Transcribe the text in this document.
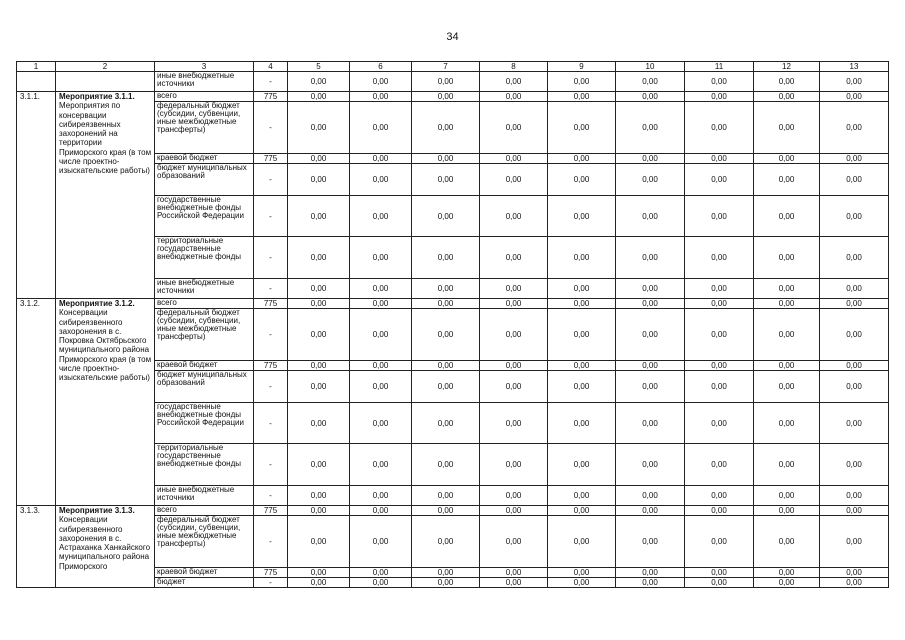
34
1	2	3	4	5	6	7	8	9	10	11	12	13
		иные внебюджетные источники	-	0,00	0,00	0,00	0,00	0,00	0,00	0,00	0,00	0,00
3.1.1.	Мероприятие 3.1.1. Мероприятия по консервации сибиреязвенных захоронений на территории Приморского края (в том числе проектно-изыскательские работы)	всего	775	0,00	0,00	0,00	0,00	0,00	0,00	0,00	0,00	0,00
		федеральный бюджет (субсидии, субвенции, иные межбюджетные трансферты)	-	0,00	0,00	0,00	0,00	0,00	0,00	0,00	0,00	0,00
		краевой бюджет	775	0,00	0,00	0,00	0,00	0,00	0,00	0,00	0,00	0,00
		бюджет муниципальных образований	-	0,00	0,00	0,00	0,00	0,00	0,00	0,00	0,00	0,00
		государственные внебюджетные фонды Российской Федерации	-	0,00	0,00	0,00	0,00	0,00	0,00	0,00	0,00	0,00
		территориальные государственные внебюджетные фонды	-	0,00	0,00	0,00	0,00	0,00	0,00	0,00	0,00	0,00
		иные внебюджетные источники	-	0,00	0,00	0,00	0,00	0,00	0,00	0,00	0,00	0,00
3.1.2.	Мероприятие 3.1.2. Консервации сибиреязвенного захоронения в с. Покровка Октябрьского муниципального района Приморского края (в том числе проектно-изыскательские работы)	всего	775	0,00	0,00	0,00	0,00	0,00	0,00	0,00	0,00	0,00
		федеральный бюджет (субсидии, субвенции, иные межбюджетные трансферты)	-	0,00	0,00	0,00	0,00	0,00	0,00	0,00	0,00	0,00
		краевой бюджет	775	0,00	0,00	0,00	0,00	0,00	0,00	0,00	0,00	0,00
		бюджет муниципальных образований	-	0,00	0,00	0,00	0,00	0,00	0,00	0,00	0,00	0,00
		государственные внебюджетные фонды Российской Федерации	-	0,00	0,00	0,00	0,00	0,00	0,00	0,00	0,00	0,00
		территориальные государственные внебюджетные фонды	-	0,00	0,00	0,00	0,00	0,00	0,00	0,00	0,00	0,00
		иные внебюджетные источники	-	0,00	0,00	0,00	0,00	0,00	0,00	0,00	0,00	0,00
3.1.3.	Мероприятие 3.1.3. Консервации сибиреязвенного захоронения в с. Астраханка Ханкайского муниципального района Приморского	всего	775	0,00	0,00	0,00	0,00	0,00	0,00	0,00	0,00	0,00
		федеральный бюджет (субсидии, субвенции, иные межбюджетные трансферты)	-	0,00	0,00	0,00	0,00	0,00	0,00	0,00	0,00	0,00
		краевой бюджет	775	0,00	0,00	0,00	0,00	0,00	0,00	0,00	0,00	0,00
		бюджет	-	0,00	0,00	0,00	0,00	0,00	0,00	0,00	0,00	0,00
